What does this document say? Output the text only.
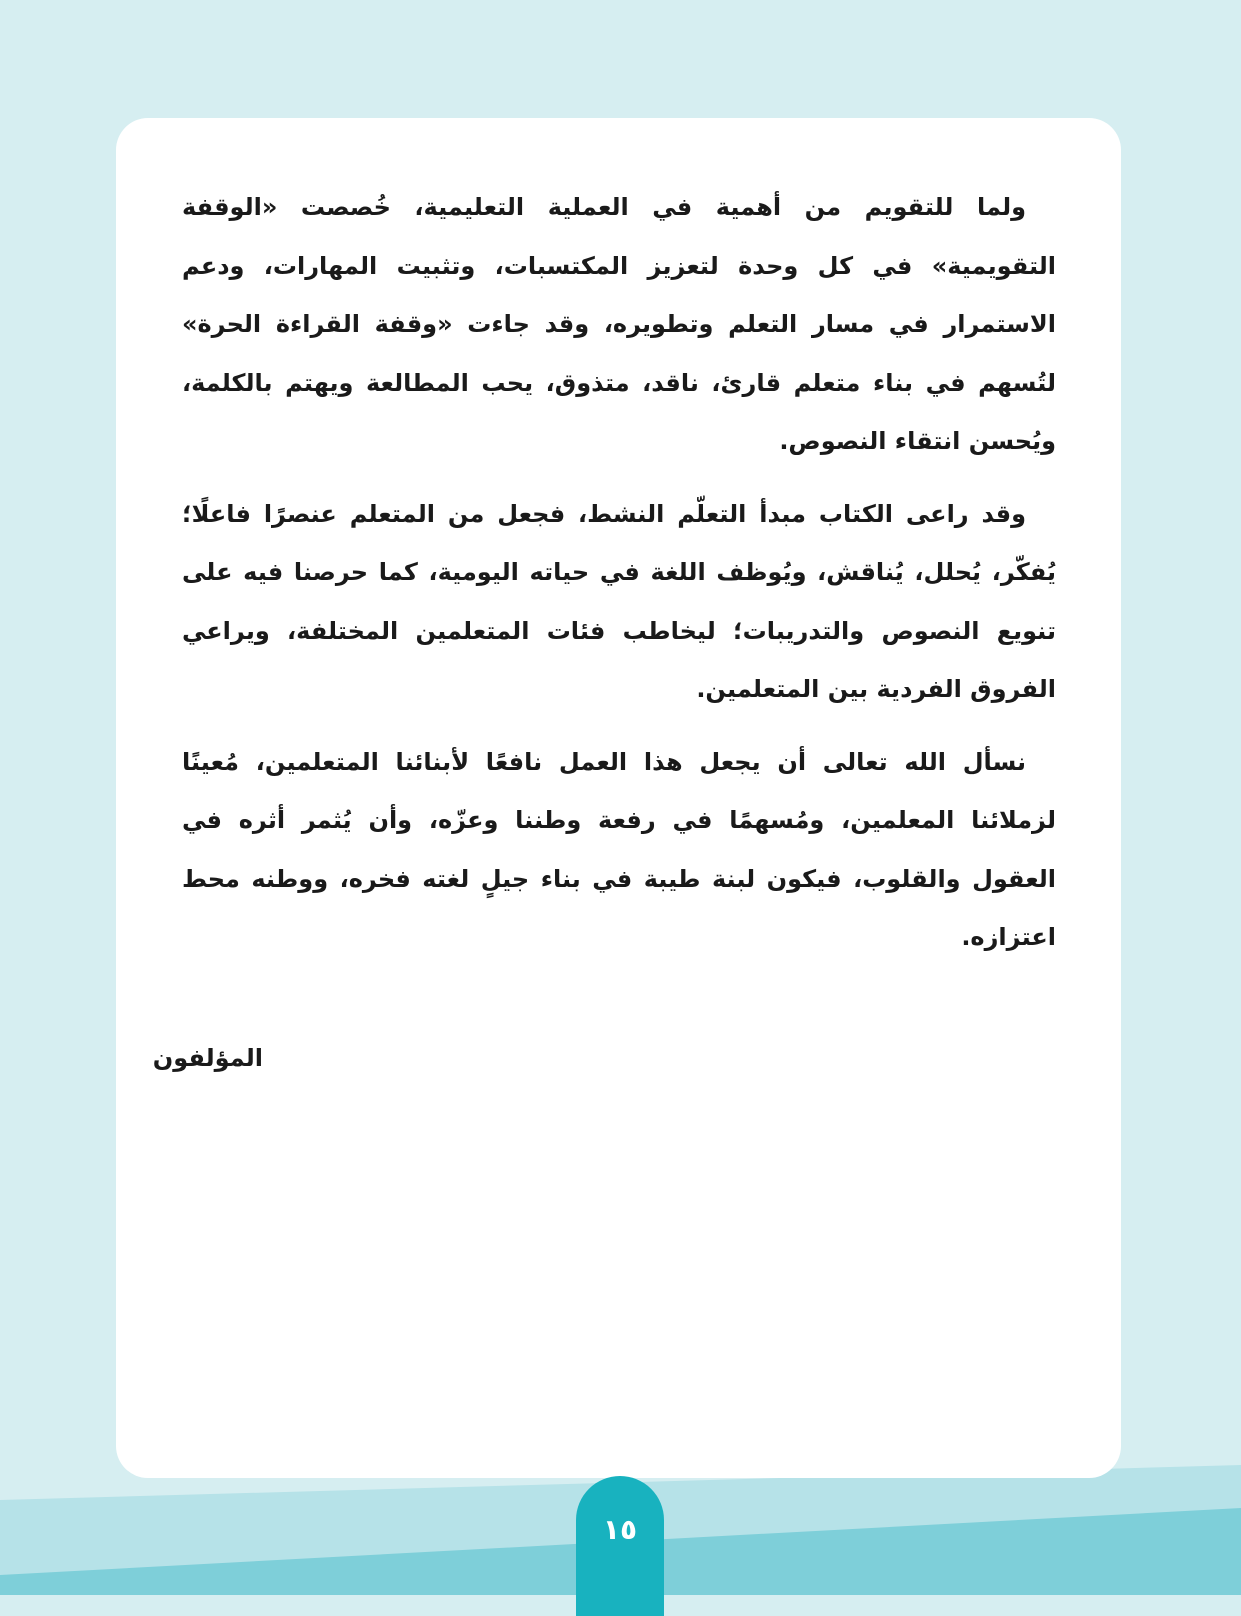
ولما للتقويم من أهمية في العملية التعليمية، خُصصت «الوقفة التقويمية» في كل وحدة لتعزيز المكتسبات، وتثبيت المهارات، ودعم الاستمرار في مسار التعلم وتطويره، وقد جاءت «وقفة القراءة الحرة» لتُسهم في بناء متعلم قارئ، ناقد، متذوق، يحب المطالعة ويهتم بالكلمة، ويُحسن انتقاء النصوص.

وقد راعى الكتاب مبدأ التعلّم النشط، فجعل من المتعلم عنصرًا فاعلًا؛ يُفكّر، يُحلل، يُناقش، ويُوظف اللغة في حياته اليومية، كما حرصنا فيه على تنويع النصوص والتدريبات؛ ليخاطب فئات المتعلمين المختلفة، ويراعي الفروق الفردية بين المتعلمين.

نسأل الله تعالى أن يجعل هذا العمل نافعًا لأبنائنا المتعلمين، مُعينًا لزملائنا المعلمين، ومُسهمًا في رفعة وطننا وعزّه، وأن يُثمر أثره في العقول والقلوب، فيكون لبنة طيبة في بناء جيلٍ لغته فخره، ووطنه محط اعتزازه.

المؤلفون
١٥
